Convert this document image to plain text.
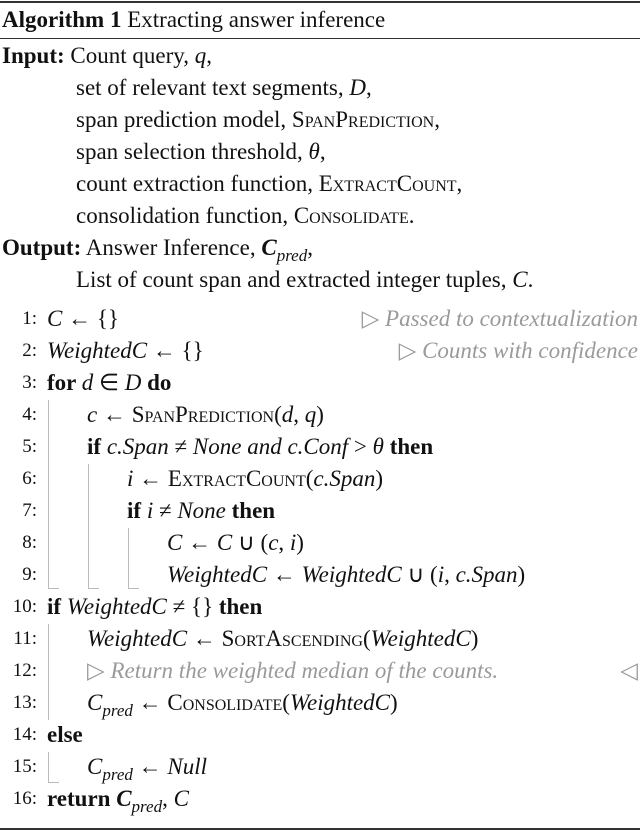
Algorithm 1 Extracting answer inference
Input: Count query, q,
set of relevant text segments, D,
span prediction model, SpanPrediction,
span selection threshold, θ,
count extraction function, ExtractCount,
consolidation function, Consolidate.
Output: Answer Inference, $C_{pred}$,
List of count span and extracted integer tuples, C.
1: C ← {}	▷ Passed to contextualization
2: WeightedC ← {}	▷ Counts with confidence
3: for d ∈ D do
4: c ← SpanPrediction(d, q)
5: if c.Span ≠ None and c.Conf > θ then
6:	i ← ExtractCount(c.Span)
7:	if i ≠ None then
8:	C ← C ∪ (c, i)
9:	WeightedC ← WeightedC ∪ (i, c.Span)
10: if WeightedC ≠ {} then
11: WeightedC ← SortAscending(WeightedC)
12: ▷ Return the weighted median of the counts.	◁
13: $C_{pred}$ ← Consolidate(WeightedC)
14: else
15: $C_{pred}$ ← Null
16: return $C_{pred}$, C
